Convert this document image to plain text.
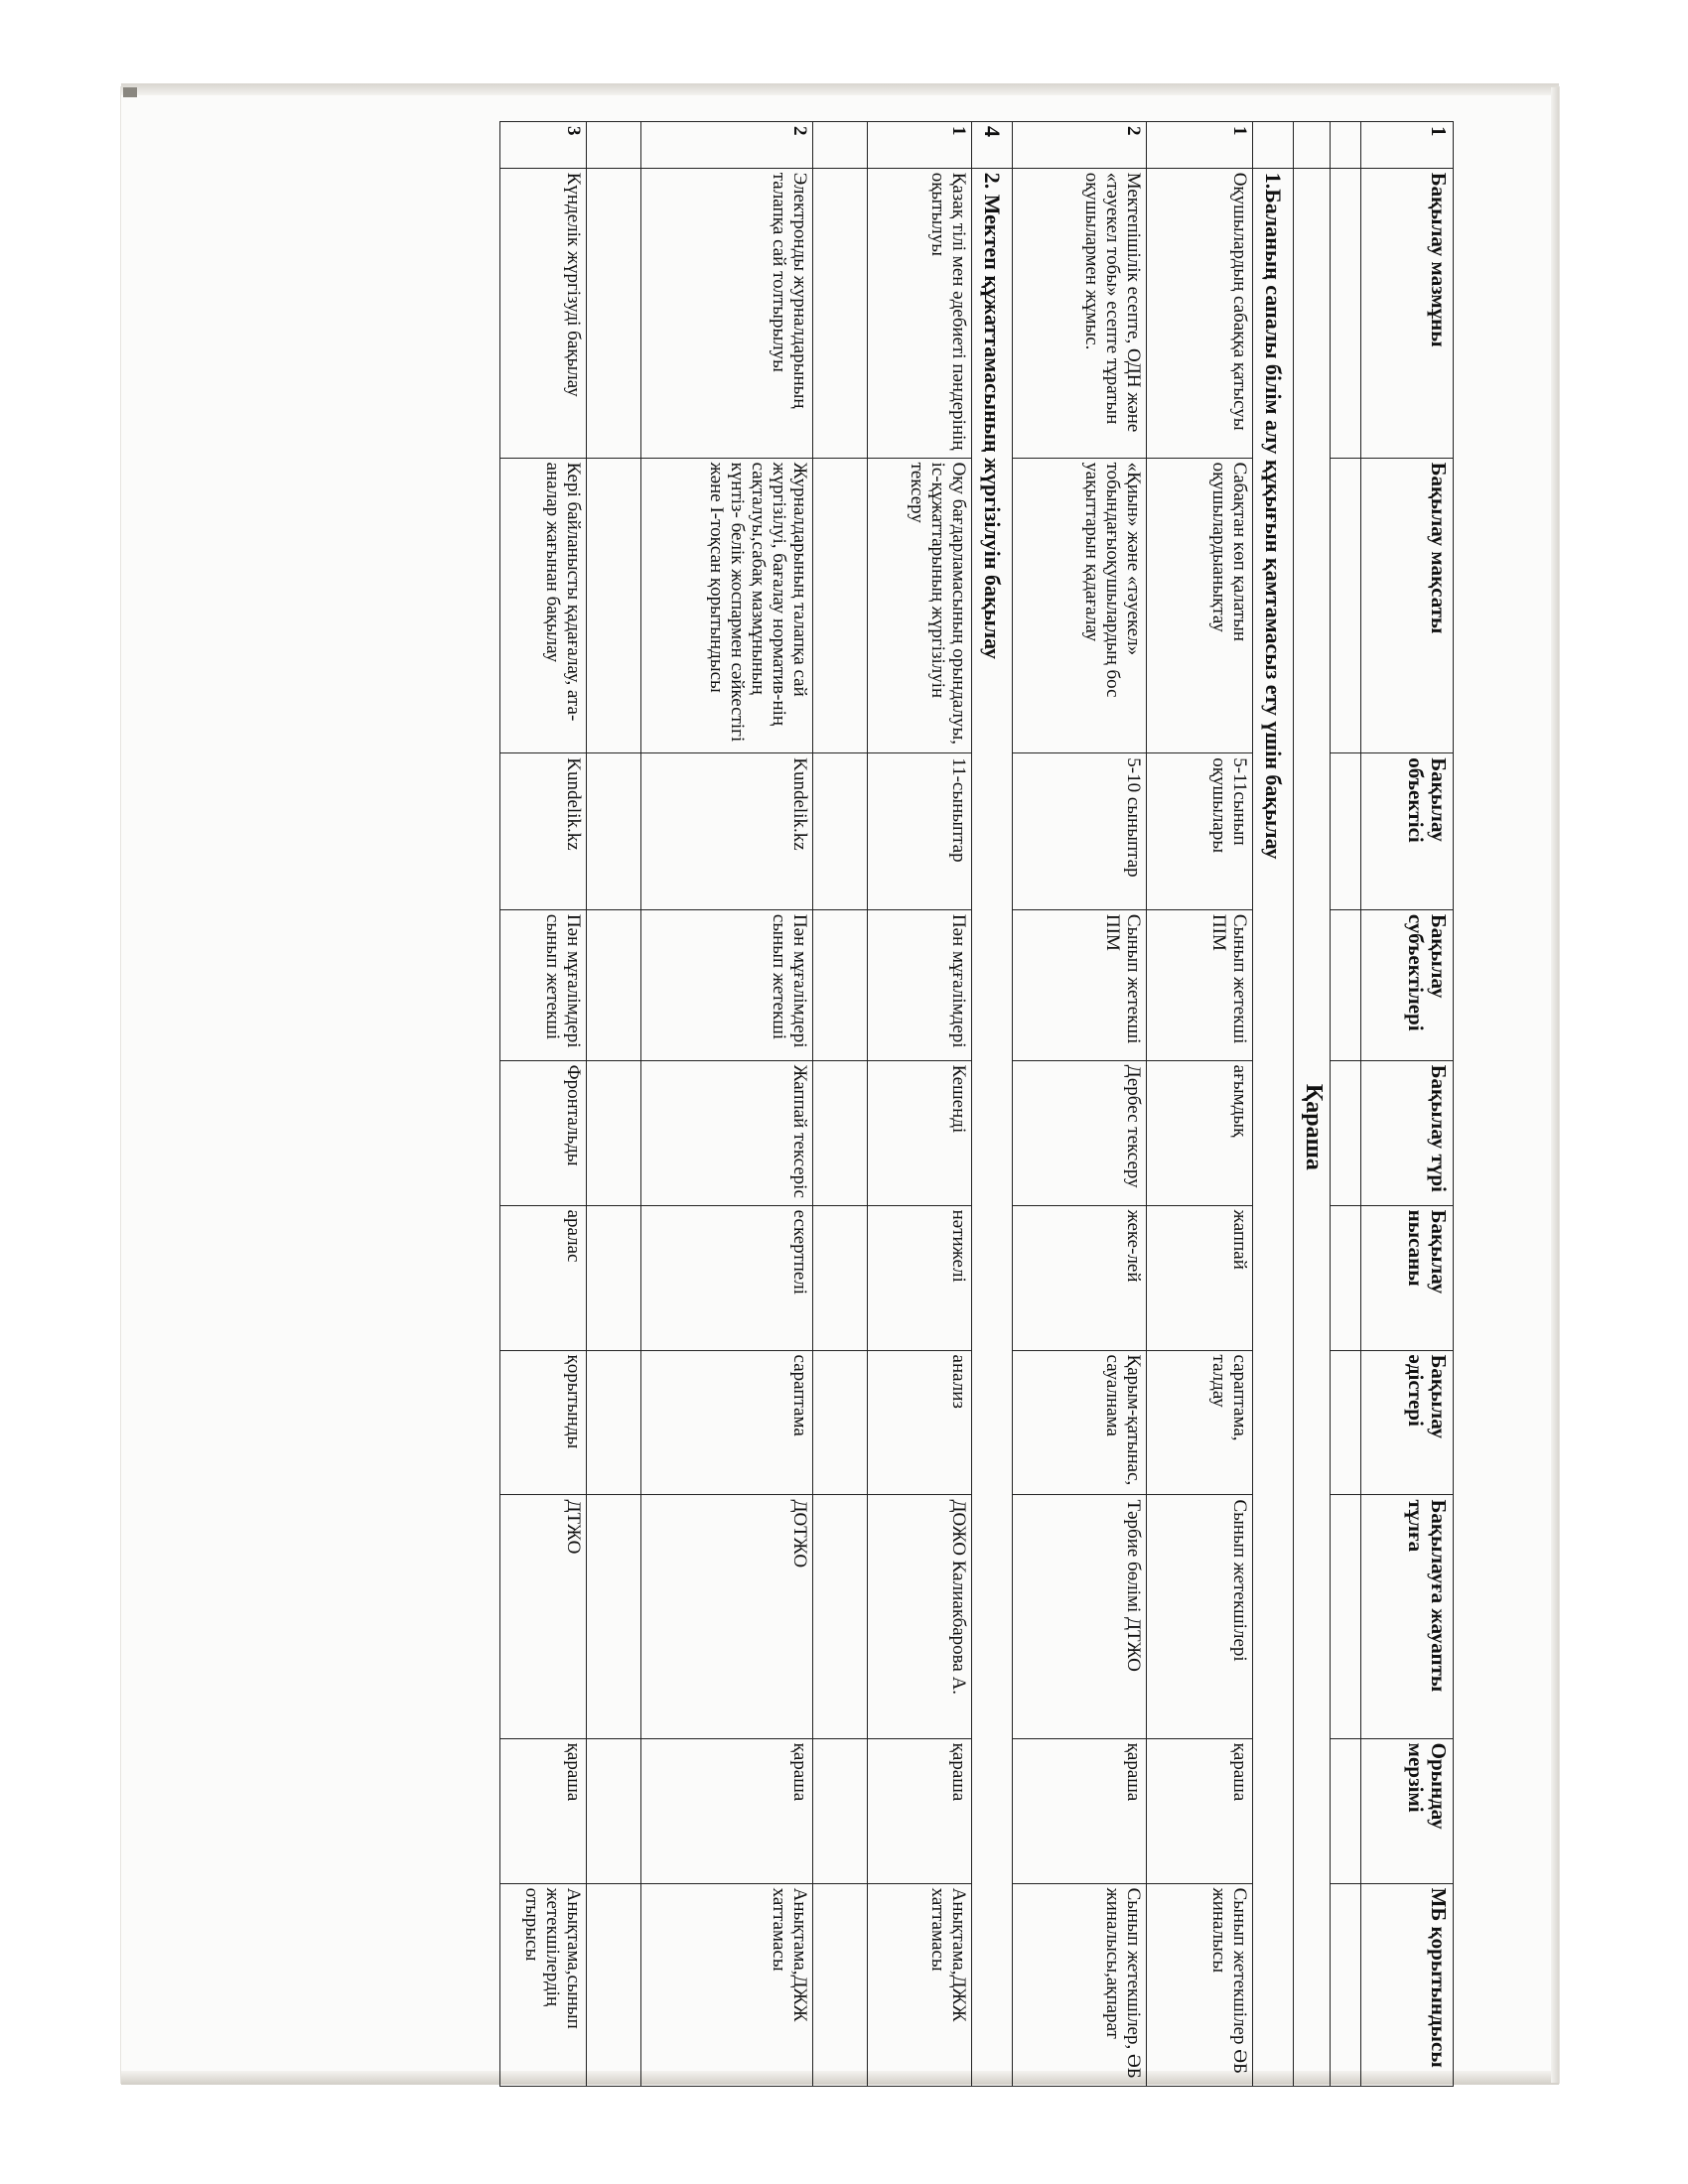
1	Бақылау мазмұны	Бақылау мақсаты	Бақылау объектісі	Бақылау субъектілері	Бақылау түрі	Бақылау нысаны	Бақылау әдістері	Бақылауға жауапты тұлға	Орындау мерзімі	МБ қорытындысы

	Қараша									
	1.Баланың сапалы білім алу құқығын қамтамасыз ету үшін бақылау									
1	Оқушылардың сабаққа қатысуы	Сабақтан көп қалатын оқушылардыанықтау	5-11сынып оқушылары	Сынып жетекші ПІМ	ағымдық	жаппай	сараптама, талдау	Сынып жетекшілері	қараша	Сынып жетекшілер ӘБ жиналысы
2	Мектепішілік есепте, ОДН және «тәуекел тобы» есепте тұратын оқушылармен жұмыс.	«Қиын» және «тәуекел» тобындағыоқушылардың бос уақыттарын қадағалау	5-10 сыныптар	Сынып жетекші ПІМ	Дербес тексеру	жеке-лей	Қарым-қатынас, сауалнама	Тәрбие бөлімі ДТЖО	қараша	Сынып жетекшілер, ӘБ жиналысы,ақпарат
4	2. Мектеп құжаттамасының жүргізілуін бақылау									
1	Қазақ тілі мен әдебиеті пәндерінің оқытылуы	Оқу бағдарламасының орындалуы, іс-құжаттарының жүргізілуін тексеру	11-сыныптар	Пән мұғалімдері	Кешенді	нәтижелі	анализ	ДОЖО Калиакбарова А.	қараша	Анықтама,ДЖЖ хаттамасы

2	Электронды журналдарының талапқа сай толтырылуы	Журналдарының талапқа сай жүргізілуі, бағалау норматив-нің сақталуы,сабақ мазмұнының күнтіз- белік жоспармен сәйкестігі және І-тоқсан қорытындысы	Kundelik.kz	Пән мұғалімдері сынып жетекші	Жаппай тексеріс	ескертпелі	сараптама	ДОТЖО	қараша	Анықтама,ДЖЖ хаттамасы

3	Күнделік жүргізуді бақылау	Кері байланысты қадағалау, ата-аналар жағынан бақылау	Kundelik.kz	Пән мұғалімдері сынып жетекші	Фронтальды	аралас	қорытынды	ДТЖО	қараша	Анықтама,сынып жетекшілердің отырысы
